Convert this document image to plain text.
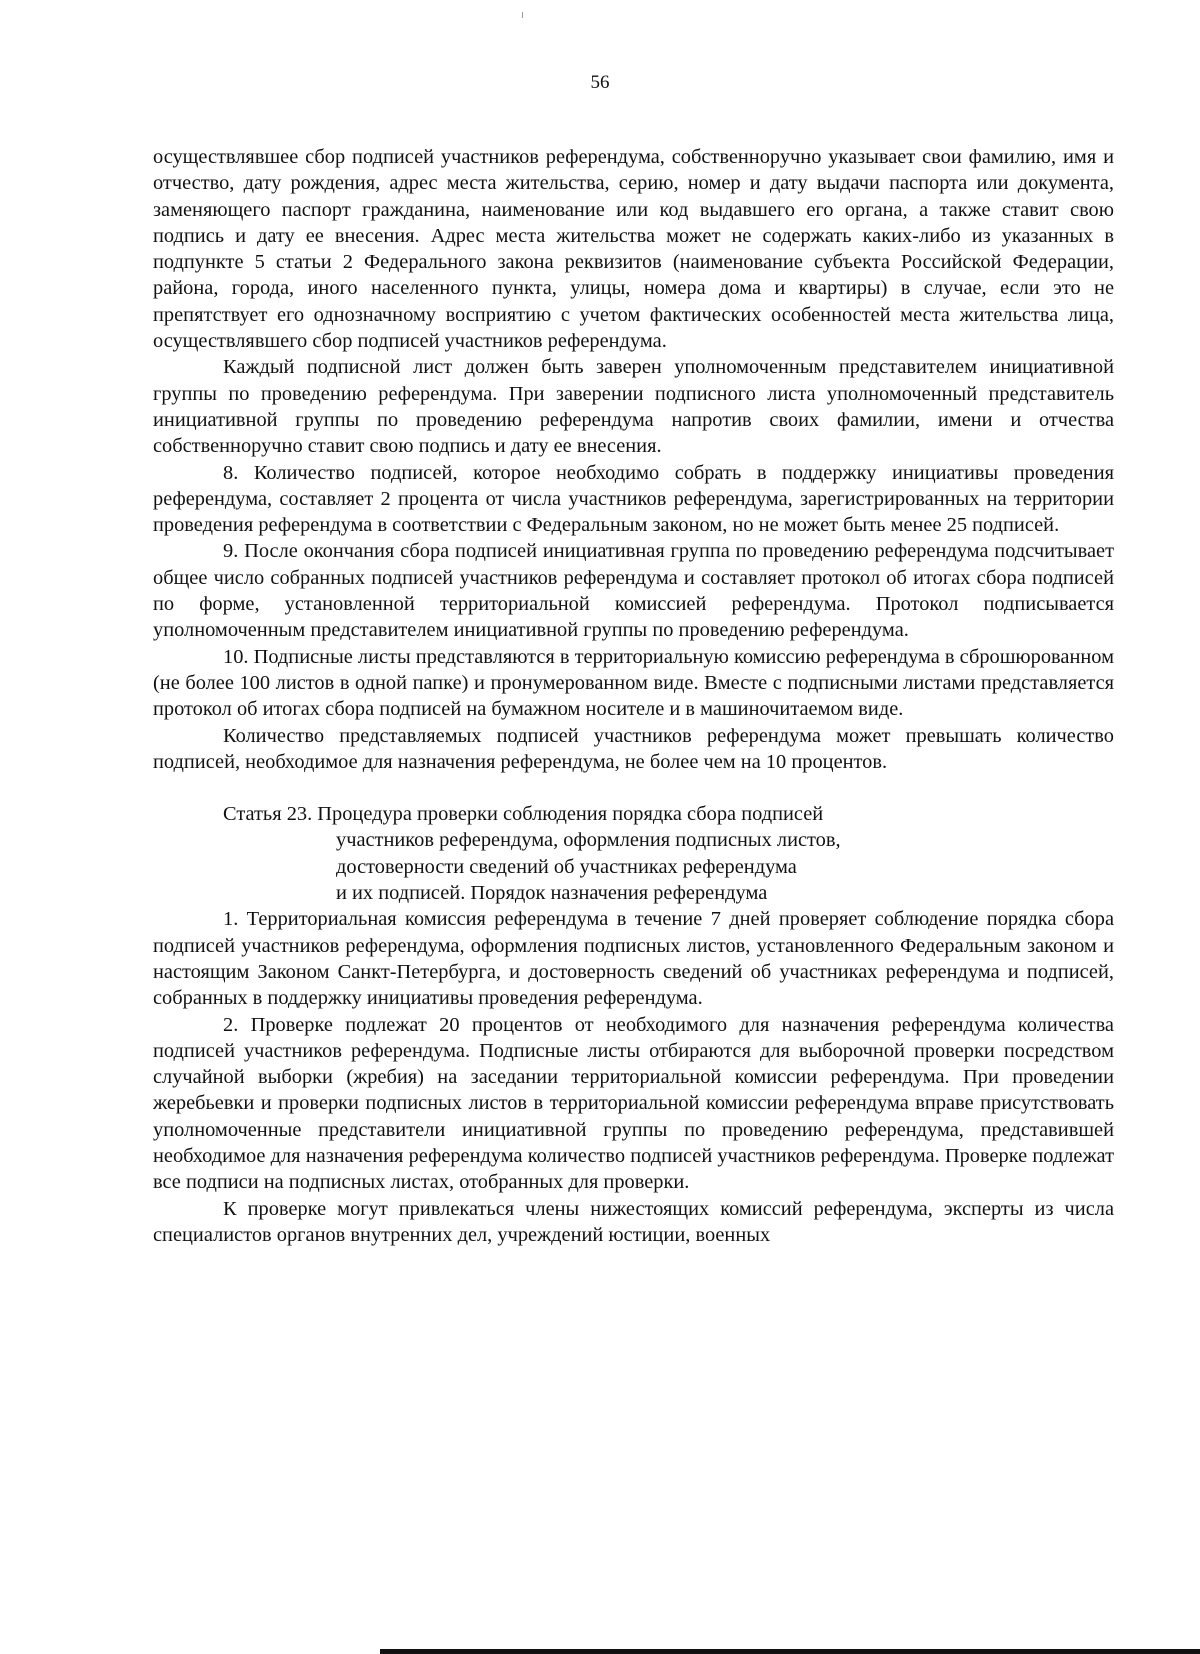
56

осуществлявшее сбор подписей участников референдума, собственноручно указывает свои фамилию, имя и отчество, дату рождения, адрес места жительства, серию, номер и дату выдачи паспорта или документа, заменяющего паспорт гражданина, наименование или код выдавшего его органа, а также ставит свою подпись и дату ее внесения. Адрес места жительства может не содержать каких-либо из указанных в подпункте 5 статьи 2 Федерального закона реквизитов (наименование субъекта Российской Федерации, района, города, иного населенного пункта, улицы, номера дома и квартиры) в случае, если это не препятствует его однозначному восприятию с учетом фактических особенностей места жительства лица, осуществлявшего сбор подписей участников референдума.

Каждый подписной лист должен быть заверен уполномоченным представителем инициативной группы по проведению референдума. При заверении подписного листа уполномоченный представитель инициативной группы по проведению референдума напротив своих фамилии, имени и отчества собственноручно ставит свою подпись и дату ее внесения.

8. Количество подписей, которое необходимо собрать в поддержку инициативы проведения референдума, составляет 2 процента от числа участников референдума, зарегистрированных на территории проведения референдума в соответствии с Федеральным законом, но не может быть менее 25 подписей.

9. После окончания сбора подписей инициативная группа по проведению референдума подсчитывает общее число собранных подписей участников референдума и составляет протокол об итогах сбора подписей по форме, установленной территориальной комиссией референдума. Протокол подписывается уполномоченным представителем инициативной группы по проведению референдума.

10. Подписные листы представляются в территориальную комиссию референдума в сброшюрованном (не более 100 листов в одной папке) и пронумерованном виде. Вместе с подписными листами представляется протокол об итогах сбора подписей на бумажном носителе и в машиночитаемом виде.

Количество представляемых подписей участников референдума может превышать количество подписей, необходимое для назначения референдума, не более чем на 10 процентов.

Статья 23. Процедура проверки соблюдения порядка сбора подписей
участников референдума, оформления подписных листов,
достоверности сведений об участниках референдума
и их подписей. Порядок назначения референдума

1. Территориальная комиссия референдума в течение 7 дней проверяет соблюдение порядка сбора подписей участников референдума, оформления подписных листов, установленного Федеральным законом и настоящим Законом Санкт-Петербурга, и достоверность сведений об участниках референдума и подписей, собранных в поддержку инициативы проведения референдума.

2. Проверке подлежат 20 процентов от необходимого для назначения референдума количества подписей участников референдума. Подписные листы отбираются для выборочной проверки посредством случайной выборки (жребия) на заседании территориальной комиссии референдума. При проведении жеребьевки и проверки подписных листов в территориальной комиссии референдума вправе присутствовать уполномоченные представители инициативной группы по проведению референдума, представившей необходимое для назначения референдума количество подписей участников референдума. Проверке подлежат все подписи на подписных листах, отобранных для проверки.

К проверке могут привлекаться члены нижестоящих комиссий референдума, эксперты из числа специалистов органов внутренних дел, учреждений юстиции, военных
